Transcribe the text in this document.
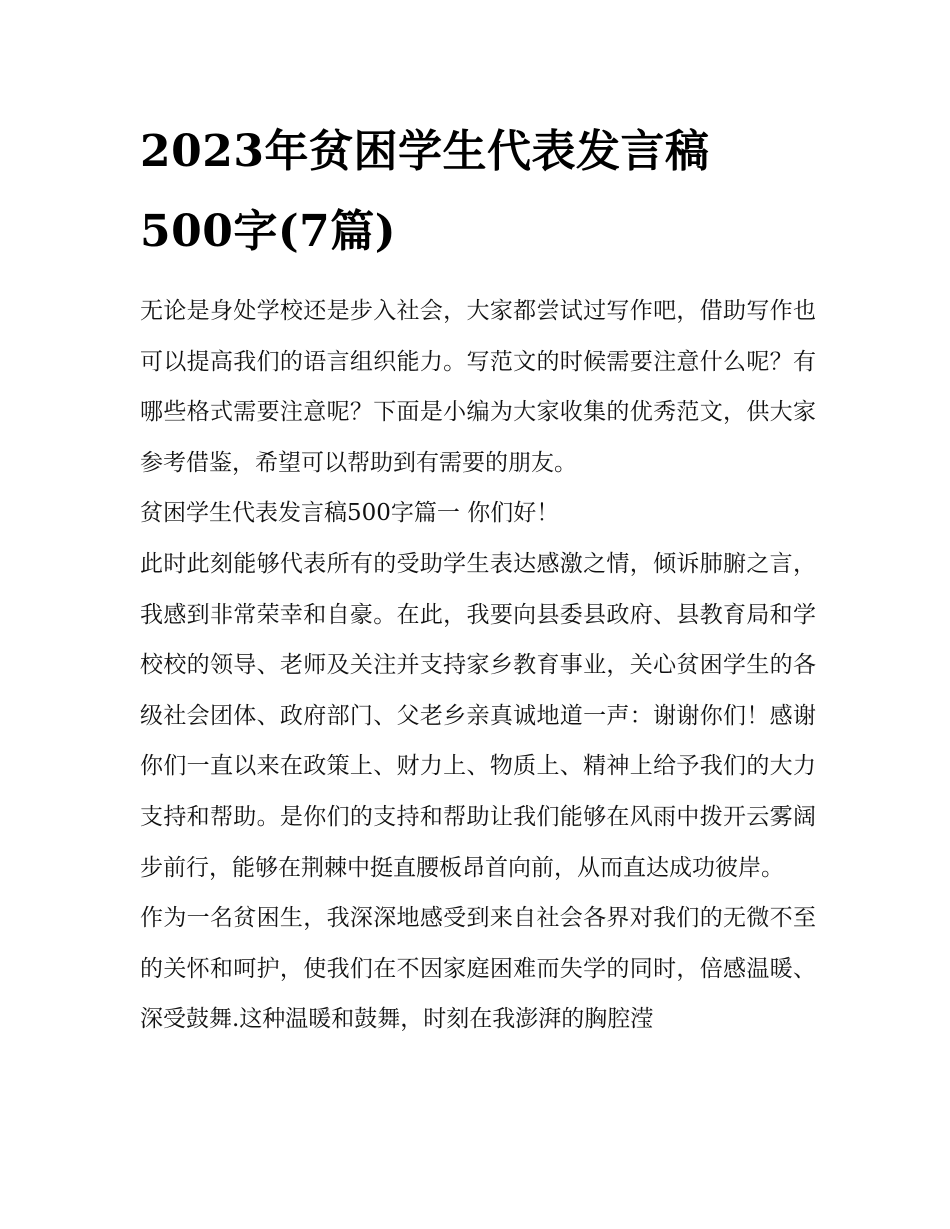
2023年贫困学生代表发言稿
500字(7篇)

无论是身处学校还是步入社会，大家都尝试过写作吧，借助写作也可以提高我们的语言组织能力。写范文的时候需要注意什么呢？有哪些格式需要注意呢？下面是小编为大家收集的优秀范文，供大家参考借鉴，希望可以帮助到有需要的朋友。

贫困学生代表发言稿500字篇一 你们好！

此时此刻能够代表所有的受助学生表达感激之情，倾诉肺腑之言，我感到非常荣幸和自豪。在此，我要向县委县政府、县教育局和学校校的领导、老师及关注并支持家乡教育事业，关心贫困学生的各级社会团体、政府部门、父老乡亲真诚地道一声：谢谢你们！感谢你们一直以来在政策上、财力上、物质上、精神上给予我们的大力支持和帮助。是你们的支持和帮助让我们能够在风雨中拨开云雾阔步前行，能够在荆棘中挺直腰板昂首向前，从而直达成功彼岸。

作为一名贫困生，我深深地感受到来自社会各界对我们的无微不至的关怀和呵护，使我们在不因家庭困难而失学的同时，倍感温暖、深受鼓舞.这种温暖和鼓舞，时刻在我澎湃的胸腔滢
